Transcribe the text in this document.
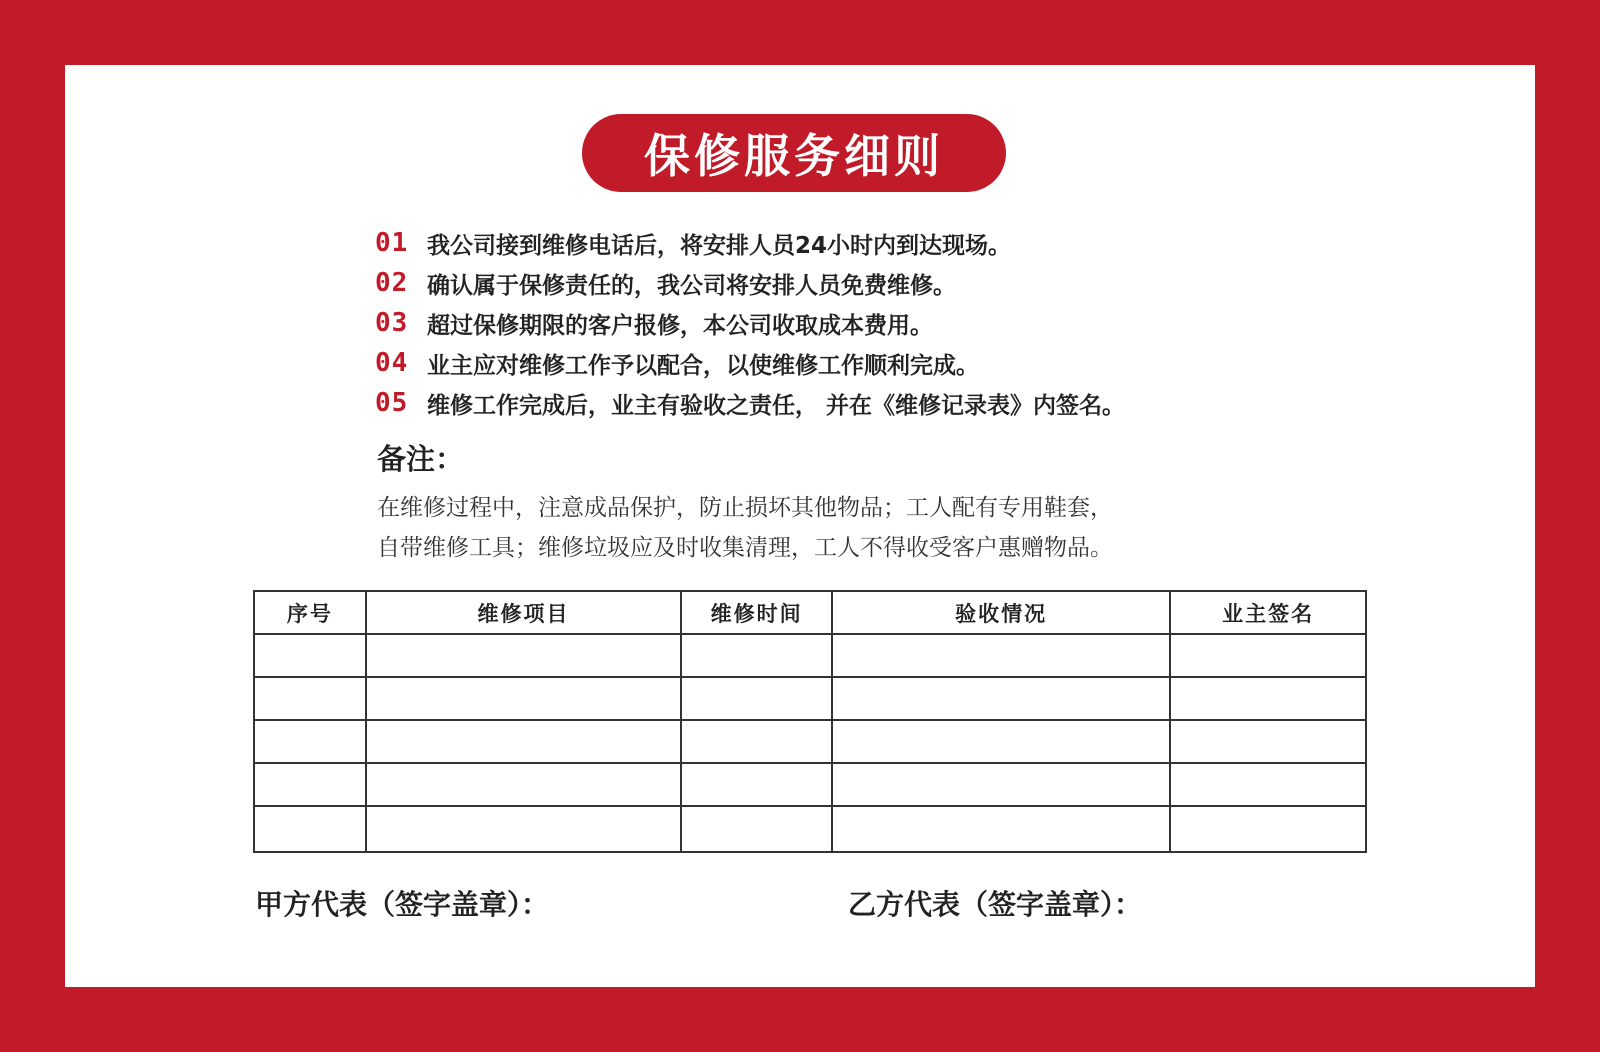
保修服务细则
01 我公司接到维修电话后，将安排人员24小时内到达现场。
02 确认属于保修责任的，我公司将安排人员免费维修。
03 超过保修期限的客户报修，本公司收取成本费用。
04 业主应对维修工作予以配合，以使维修工作顺利完成。
05 维修工作完成后，业主有验收之责任， 并在《维修记录表》内签名。
备注：
在维修过程中，注意成品保护，防止损坏其他物品；工人配有专用鞋套，
自带维修工具；维修垃圾应及时收集清理，工人不得收受客户惠赠物品。
序号	维修项目	维修时间	验收情况	业主签名

甲方代表（签字盖章）：	乙方代表（签字盖章）：
